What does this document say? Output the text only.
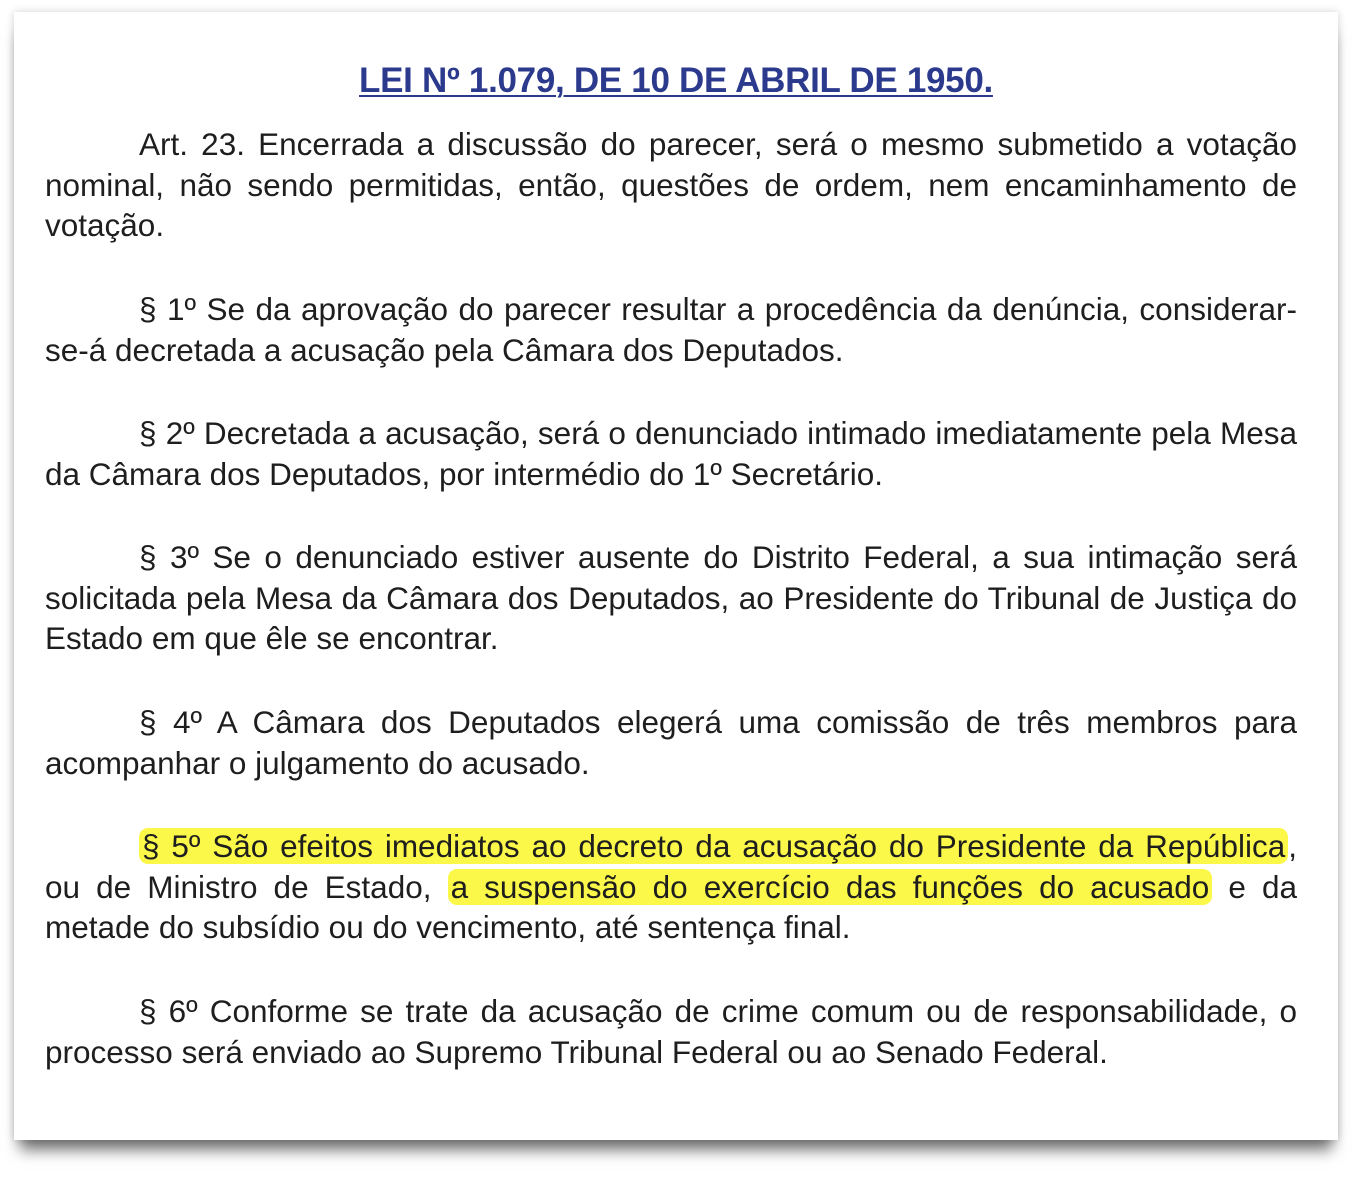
LEI Nº 1.079, DE 10 DE ABRIL DE 1950.

Art. 23. Encerrada a discussão do parecer, será o mesmo submetido a votação nominal, não sendo permitidas, então, questões de ordem, nem encaminhamento de votação.

§ 1º Se da aprovação do parecer resultar a procedência da denúncia, considerar-se-á decretada a acusação pela Câmara dos Deputados.

§ 2º Decretada a acusação, será o denunciado intimado imediatamente pela Mesa da Câmara dos Deputados, por intermédio do 1º Secretário.

§ 3º Se o denunciado estiver ausente do Distrito Federal, a sua intimação será solicitada pela Mesa da Câmara dos Deputados, ao Presidente do Tribunal de Justiça do Estado em que êle se encontrar.

§ 4º A Câmara dos Deputados elegerá uma comissão de três membros para acompanhar o julgamento do acusado.

§ 5º São efeitos imediatos ao decreto da acusação do Presidente da República, ou de Ministro de Estado, a suspensão do exercício das funções do acusado e da metade do subsídio ou do vencimento, até sentença final.

§ 6º Conforme se trate da acusação de crime comum ou de responsabilidade, o processo será enviado ao Supremo Tribunal Federal ou ao Senado Federal.
